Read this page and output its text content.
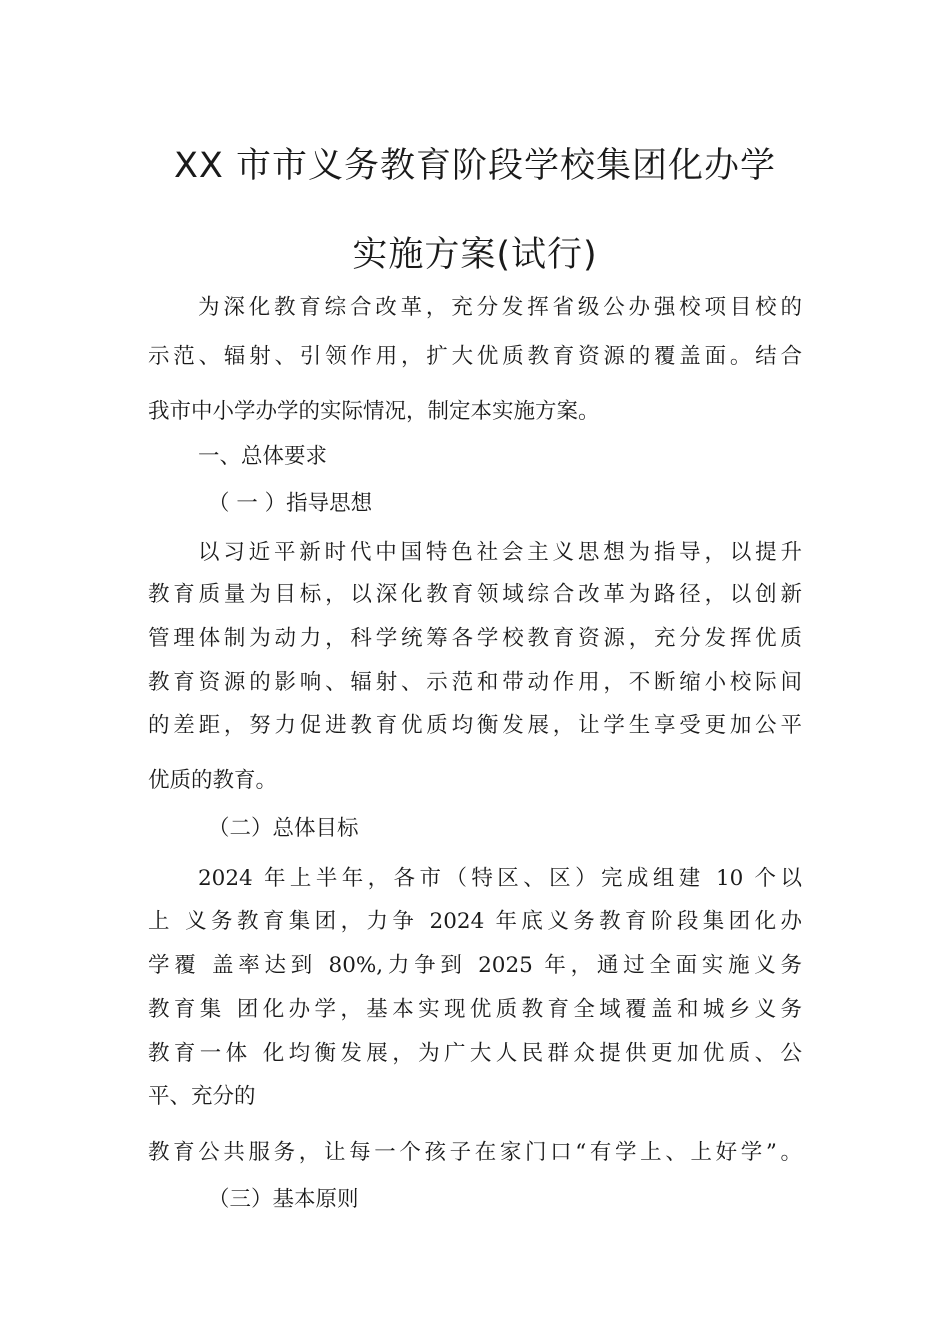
XX 市市义务教育阶段学校集团化办学
实施方案(试行)
为深化教育综合改革，充分发挥省级公办强校项目校的
示范、辐射、引领作用，扩大优质教育资源的覆盖面。结合
我市中小学办学的实际情况，制定本实施方案。
一、总体要求
（ 一 ）指导思想
以习近平新时代中国特色社会主义思想为指导，以提升
教育质量为目标，以深化教育领域综合改革为路径，以创新
管理体制为动力，科学统筹各学校教育资源，充分发挥优质
教育资源的影响、辐射、示范和带动作用，不断缩小校际间
的差距，努力促进教育优质均衡发展，让学生享受更加公平
优质的教育。
（二）总体目标
2024 年上半年，各市（特区、区）完成组建 10 个以
上 义务教育集团，力争 2024 年底义务教育阶段集团化办
学覆 盖率达到 80%,力争到 2025 年，通过全面实施义务
教育集 团化办学，基本实现优质教育全域覆盖和城乡义务
教育一体 化均衡发展，为广大人民群众提供更加优质、公
平、充分的
教育公共服务，让每一个孩子在家门口“有学上、上好学”。
（三）基本原则
